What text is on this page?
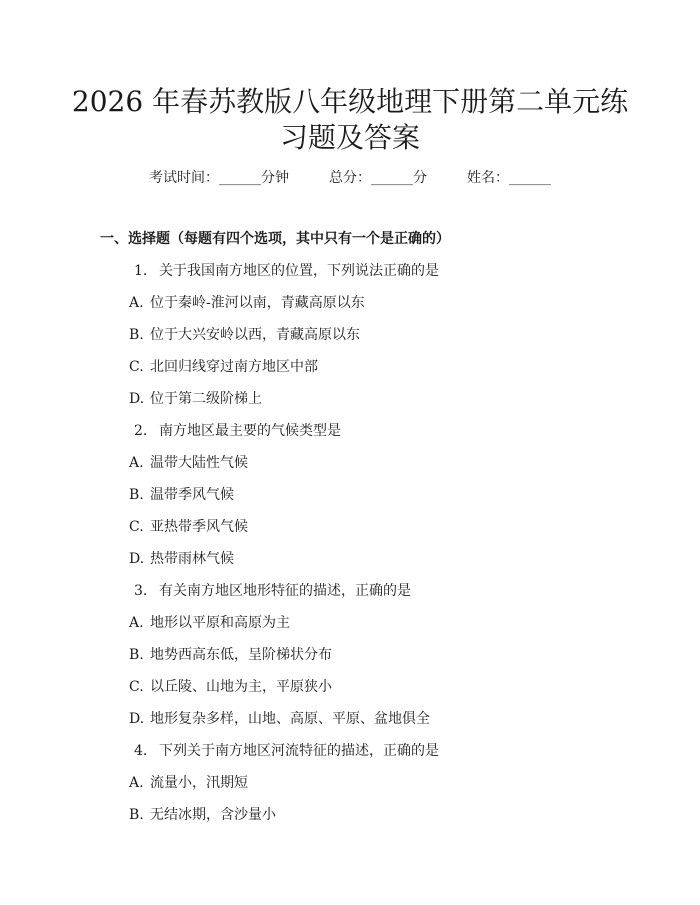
2026 年春苏教版八年级地理下册第二单元练
习题及答案
考试时间：______分钟	总分：______分	姓名：______
一、选择题（每题有四个选项，其中只有一个是正确的）
1. 关于我国南方地区的位置，下列说法正确的是
A. 位于秦岭-淮河以南，青藏高原以东
B. 位于大兴安岭以西，青藏高原以东
C. 北回归线穿过南方地区中部
D. 位于第二级阶梯上
2. 南方地区最主要的气候类型是
A. 温带大陆性气候
B. 温带季风气候
C. 亚热带季风气候
D. 热带雨林气候
3. 有关南方地区地形特征的描述，正确的是
A. 地形以平原和高原为主
B. 地势西高东低，呈阶梯状分布
C. 以丘陵、山地为主，平原狭小
D. 地形复杂多样，山地、高原、平原、盆地俱全
4. 下列关于南方地区河流特征的描述，正确的是
A. 流量小，汛期短
B. 无结冰期，含沙量小
